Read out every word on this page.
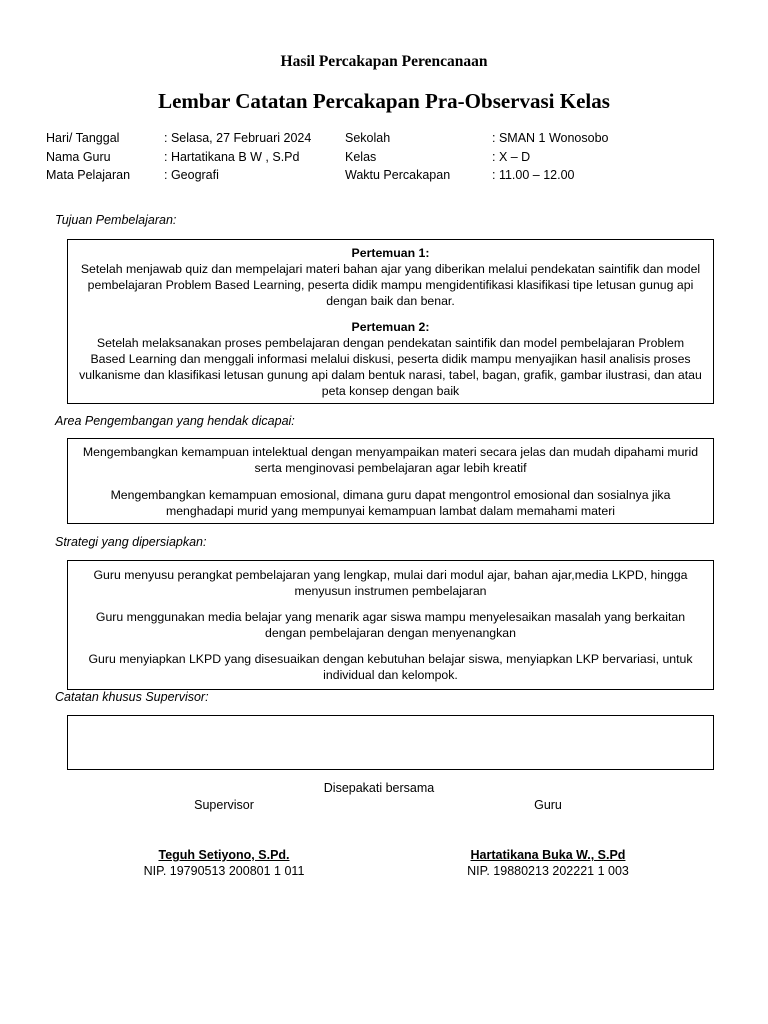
Hasil Percakapan Perencanaan
Lembar Catatan Percakapan Pra-Observasi Kelas
Hari/ Tanggal
Nama Guru
Mata Pelajaran
: Selasa, 27 Februari 2024
: Hartatikana B W , S.Pd
: Geografi
Sekolah
Kelas
Waktu Percakapan
: SMAN 1 Wonosobo
: X – D
: 11.00 – 12.00
Tujuan Pembelajaran:

Pertemuan 1:

Setelah menjawab quiz dan mempelajari materi bahan ajar yang diberikan melalui pendekatan saintifik dan model pembelajaran Problem Based Learning, peserta didik mampu mengidentifikasi klasifikasi tipe letusan gunug api dengan baik dan benar.

Pertemuan 2:

Setelah melaksanakan proses pembelajaran dengan pendekatan saintifik dan model pembelajaran Problem Based Learning dan menggali informasi melalui diskusi, peserta didik mampu menyajikan hasil analisis proses vulkanisme dan klasifikasi letusan gunung api dalam bentuk narasi, tabel, bagan, grafik, gambar ilustrasi, dan atau peta konsep dengan baik

Area Pengembangan yang hendak dicapai:

Mengembangkan kemampuan intelektual dengan menyampaikan materi secara jelas dan mudah dipahami murid serta menginovasi pembelajaran agar lebih kreatif

Mengembangkan kemampuan emosional, dimana guru dapat mengontrol emosional dan sosialnya jika menghadapi murid yang mempunyai kemampuan lambat dalam memahami materi

Strategi yang dipersiapkan:

Guru menyusu perangkat pembelajaran yang lengkap, mulai dari modul ajar, bahan ajar,media LKPD, hingga menyusun instrumen pembelajaran

Guru menggunakan media belajar yang menarik agar siswa mampu menyelesaikan masalah yang berkaitan dengan pembelajaran dengan menyenangkan

Guru menyiapkan LKPD yang disesuaikan dengan kebutuhan belajar siswa, menyiapkan LKP bervariasi, untuk individual dan kelompok.

Catatan khusus Supervisor:

Disepakati bersama
Supervisor	Guru
Teguh Setiyono, S.Pd.
NIP. 19790513 200801 1 011
Hartatikana Buka W., S.Pd
NIP. 19880213 202221 1 003
